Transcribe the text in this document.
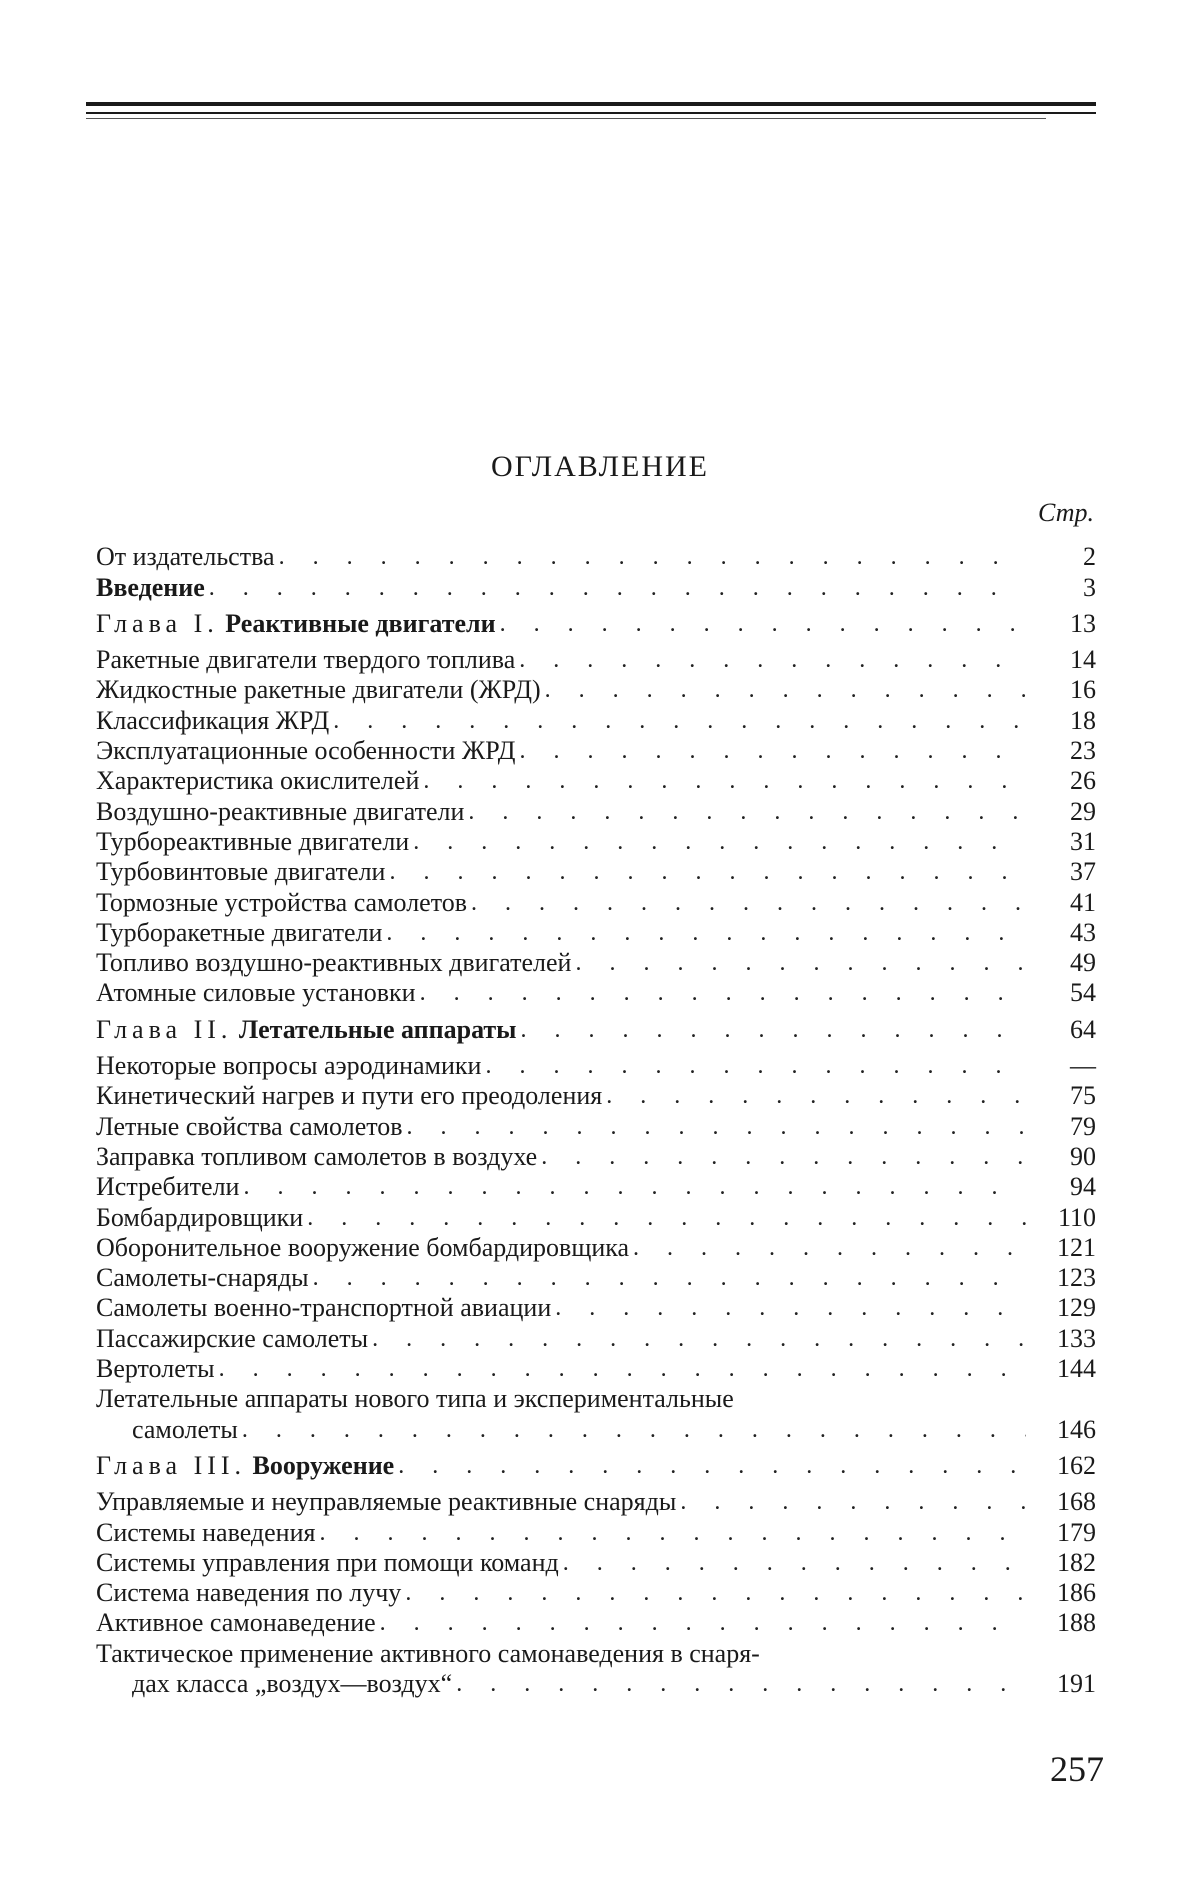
ОГЛАВЛЕНИЕ
Стр.
От издательства . . .	2
Введение . . .	3
Глава I. Реактивные двигатели . . .	13
Ракетные двигатели твердого топлива . . .	14
Жидкостные ракетные двигатели (ЖРД) . . .	16
Классификация ЖРД . . .	18
Эксплуатационные особенности ЖРД . . .	23
Характеристика окислителей . . .	26
Воздушно-реактивные двигатели . . .	29
Турбореактивные двигатели . . .	31
Турбовинтовые двигатели . . .	37
Тормозные устройства самолетов . . .	41
Турборакетные двигатели . . .	43
Топливо воздушно-реактивных двигателей . . .	49
Атомные силовые установки . . .	54
Глава II. Летательные аппараты . . .	64
Некоторые вопросы аэродинамики . . .	—
Кинетический нагрев и пути его преодоления . . .	75
Летные свойства самолетов . . .	79
Заправка топливом самолетов в воздухе . . .	90
Истребители . . .	94
Бомбардировщики . . .	110
Оборонительное вооружение бомбардировщика . . .	121
Самолеты-снаряды . . .	123
Самолеты военно-транспортной авиации . . .	129
Пассажирские самолеты . . .	133
Вертолеты . . .	144
Летательные аппараты нового типа и экспериментальные
самолеты . . .	146
Глава III. Вооружение . . .	162
Управляемые и неуправляемые реактивные снаряды . . .	168
Системы наведения . . .	179
Системы управления при помощи команд . . .	182
Система наведения по лучу . . .	186
Активное самонаведение . . .	188
Тактическое применение активного самонаведения в снаря-
дах класса „воздух—воздух“ . . .	191
257
